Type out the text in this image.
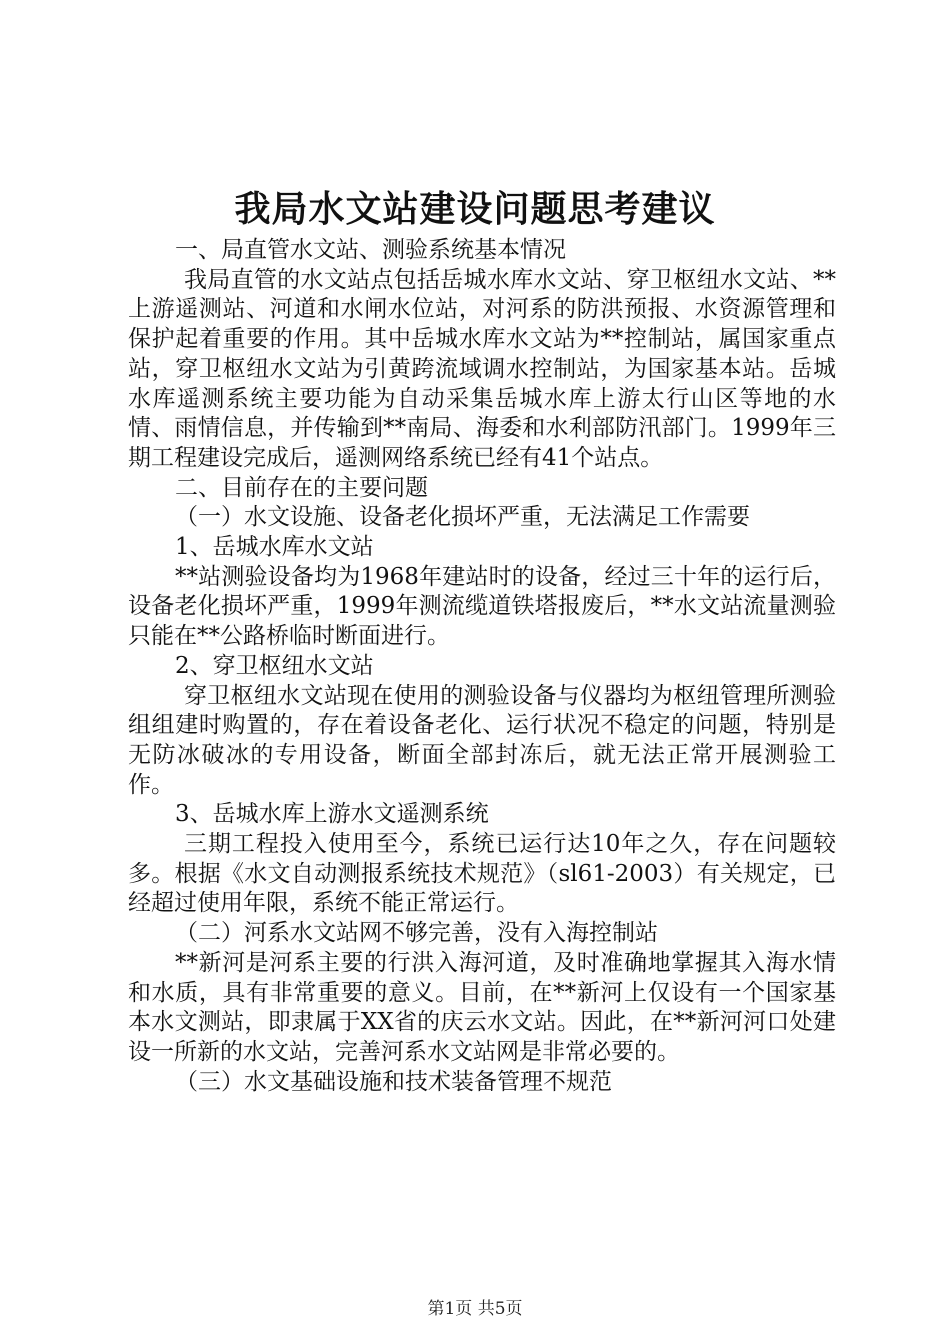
我局水文站建设问题思考建议

一、局直管水文站、测验系统基本情况

我局直管的水文站点包括岳城水库水文站、穿卫枢纽水文站、**上游遥测站、河道和水闸水位站，对河系的防洪预报、水资源管理和保护起着重要的作用。其中岳城水库水文站为**控制站，属国家重点站，穿卫枢纽水文站为引黄跨流域调水控制站，为国家基本站。岳城水库遥测系统主要功能为自动采集岳城水库上游太行山区等地的水情、雨情信息，并传输到**南局、海委和水利部防汛部门。1999年三期工程建设完成后，遥测网络系统已经有41个站点。

二、目前存在的主要问题

（一）水文设施、设备老化损坏严重，无法满足工作需要

1、岳城水库水文站

**站测验设备均为1968年建站时的设备，经过三十年的运行后，设备老化损坏严重，1999年测流缆道铁塔报废后，**水文站流量测验只能在**公路桥临时断面进行。

2、穿卫枢纽水文站

穿卫枢纽水文站现在使用的测验设备与仪器均为枢纽管理所测验组组建时购置的，存在着设备老化、运行状况不稳定的问题，特别是无防冰破冰的专用设备，断面全部封冻后，就无法正常开展测验工作。

3、岳城水库上游水文遥测系统

三期工程投入使用至今，系统已运行达10年之久，存在问题较多。根据《水文自动测报系统技术规范》（sl61-2003）有关规定，已经超过使用年限，系统不能正常运行。

（二）河系水文站网不够完善，没有入海控制站

**新河是河系主要的行洪入海河道，及时准确地掌握其入海水情和水质，具有非常重要的意义。目前，在**新河上仅设有一个国家基本水文测站，即隶属于XX省的庆云水文站。因此，在**新河河口处建设一所新的水文站，完善河系水文站网是非常必要的。

（三）水文基础设施和技术装备管理不规范

第1页 共5页
